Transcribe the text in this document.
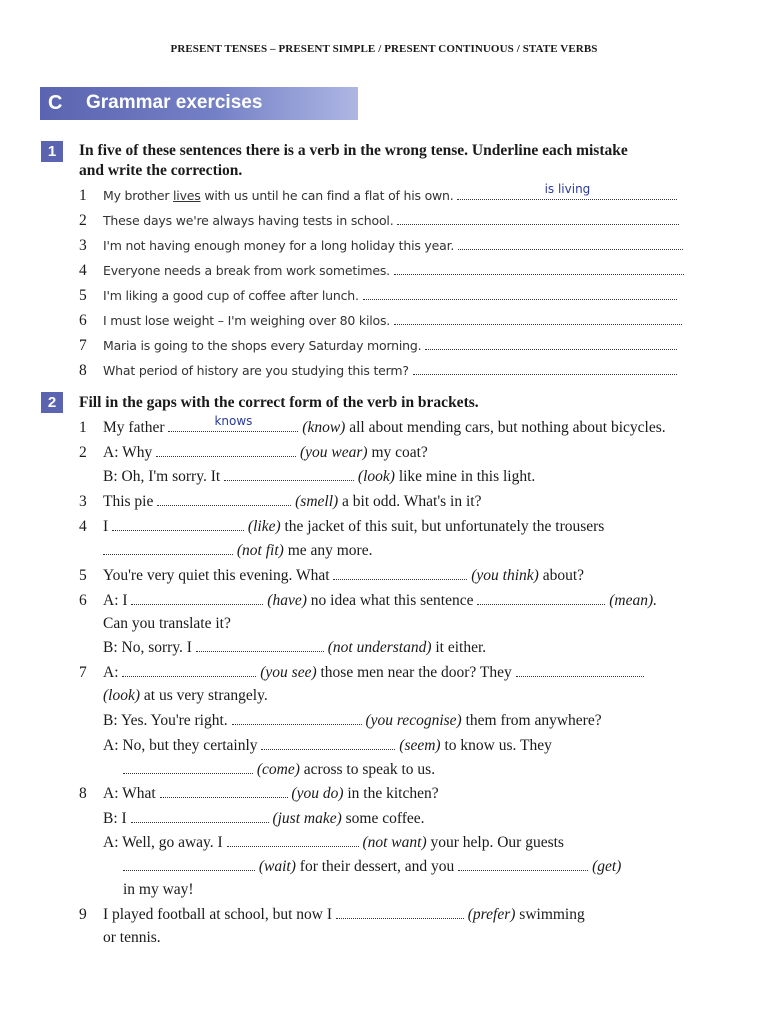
PRESENT TENSES – PRESENT SIMPLE / PRESENT CONTINUOUS / STATE VERBS
C Grammar exercises
1	In five of these sentences there is a verb in the wrong tense. Underline each mistake
and write the correction.
1 My brother lives with us until he can find a flat of his own.	is living
2 These days we're always having tests in school.
3 I'm not having enough money for a long holiday this year.
4 Everyone needs a break from work sometimes.
5 I'm liking a good cup of coffee after lunch.
6 I must lose weight – I'm weighing over 80 kilos.
7 Maria is going to the shops every Saturday morning.
8 What period of history are you studying this term?
2	Fill in the gaps with the correct form of the verb in brackets.
1 My father	knows	(know) all about mending cars, but nothing about bicycles.
2 A: Why	(you wear) my coat?
B: Oh, I'm sorry. It	(look) like mine in this light.
3 This pie	(smell) a bit odd. What's in it?
4 I	(like) the jacket of this suit, but unfortunately the trousers
(not fit) me any more.
5 You're very quiet this evening. What	(you think) about?
6 A: I	(have) no idea what this sentence	(mean).
Can you translate it?
B: No, sorry. I	(not understand) it either.
7 A:	(you see) those men near the door? They
(look) at us very strangely.
B: Yes. You're right.	(you recognise) them from anywhere?
A: No, but they certainly	(seem) to know us. They
(come) across to speak to us.
8 A: What	(you do) in the kitchen?
B: I	(just make) some coffee.
A: Well, go away. I	(not want) your help. Our guests
(wait) for their dessert, and you	(get)
in my way!
9 I played football at school, but now I	(prefer) swimming
or tennis.
